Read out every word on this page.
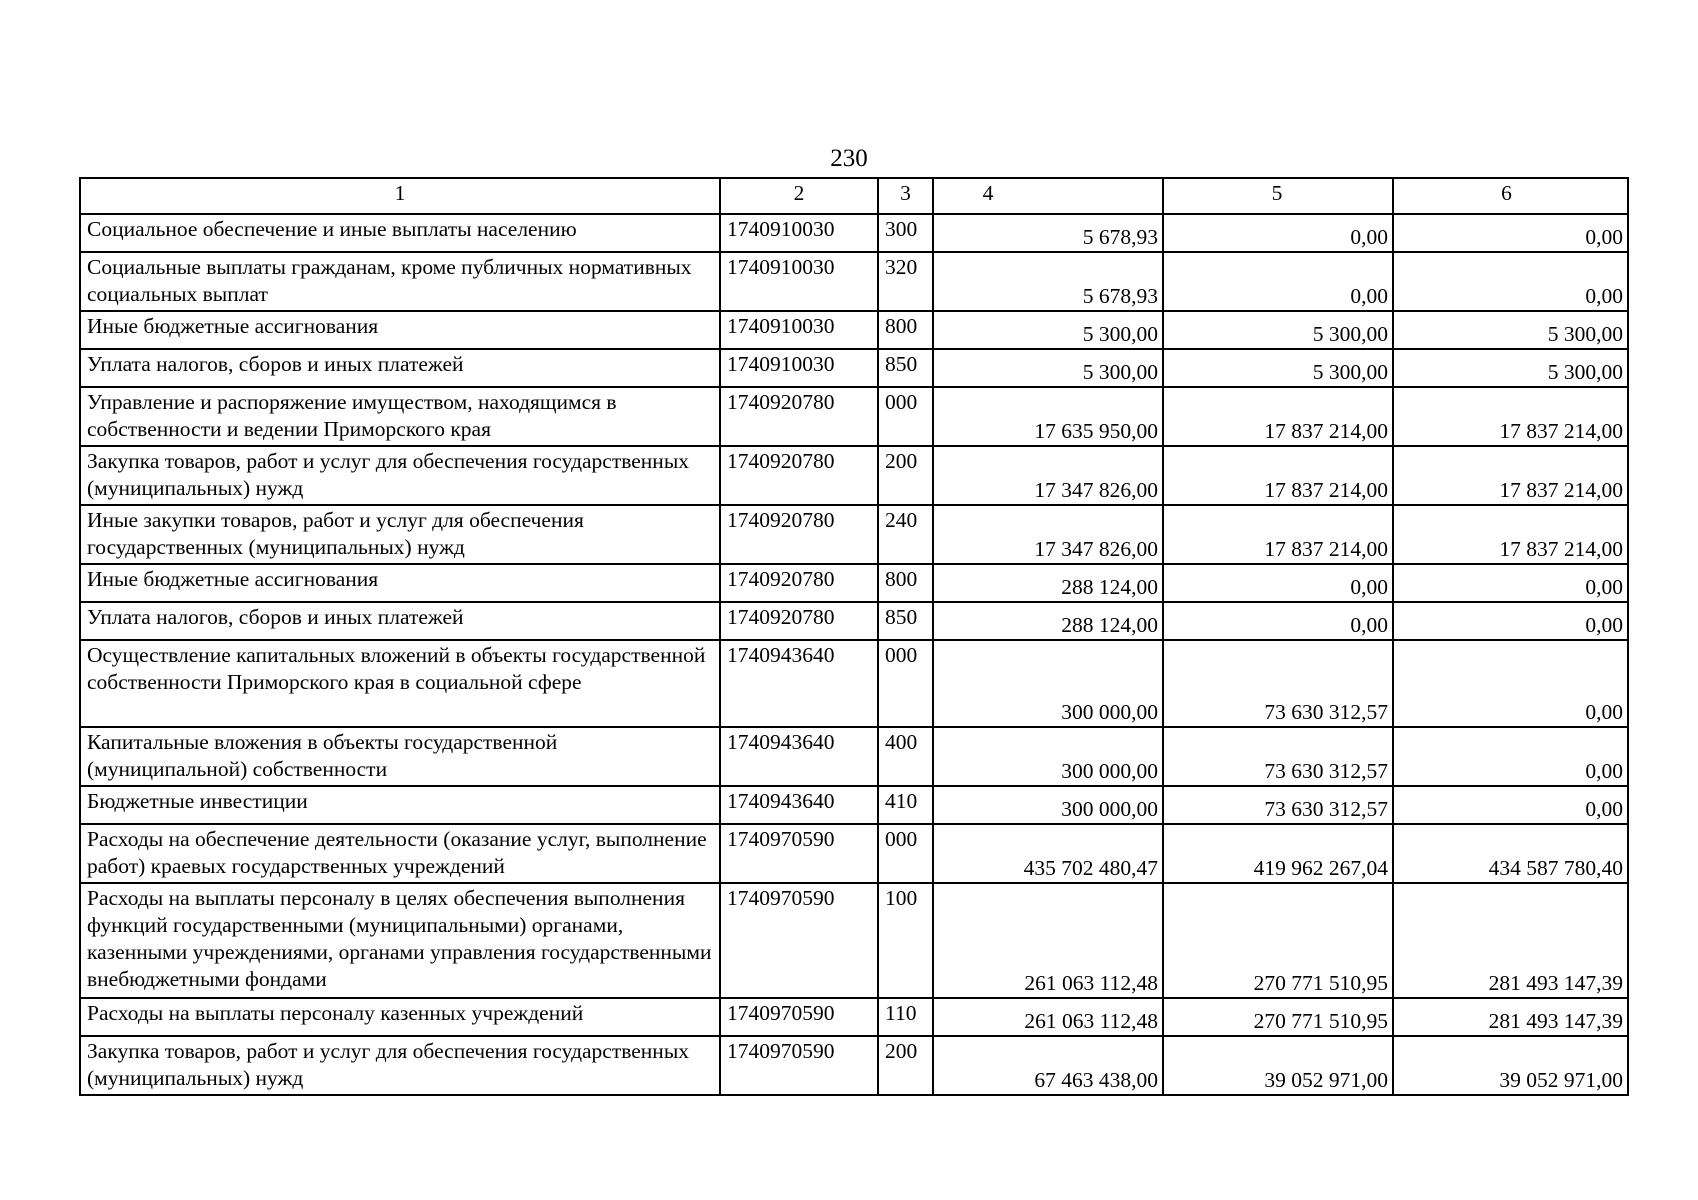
230
1	2	3	4	5	6
Социальное обеспечение и иные выплаты населению	1740910030	300	5 678,93	0,00	0,00
Социальные выплаты гражданам, кроме публичных нормативных социальных выплат	1740910030	320	5 678,93	0,00	0,00
Иные бюджетные ассигнования	1740910030	800	5 300,00	5 300,00	5 300,00
Уплата налогов, сборов и иных платежей	1740910030	850	5 300,00	5 300,00	5 300,00
Управление и распоряжение имуществом, находящимся в собственности и ведении Приморского края	1740920780	000	17 635 950,00	17 837 214,00	17 837 214,00
Закупка товаров, работ и услуг для обеспечения государственных (муниципальных) нужд	1740920780	200	17 347 826,00	17 837 214,00	17 837 214,00
Иные закупки товаров, работ и услуг для обеспечения государственных (муниципальных) нужд	1740920780	240	17 347 826,00	17 837 214,00	17 837 214,00
Иные бюджетные ассигнования	1740920780	800	288 124,00	0,00	0,00
Уплата налогов, сборов и иных платежей	1740920780	850	288 124,00	0,00	0,00
Осуществление капитальных вложений в объекты государственной собственности Приморского края в социальной сфере	1740943640	000	300 000,00	73 630 312,57	0,00
Капитальные вложения в объекты государственной (муниципальной) собственности	1740943640	400	300 000,00	73 630 312,57	0,00
Бюджетные инвестиции	1740943640	410	300 000,00	73 630 312,57	0,00
Расходы на обеспечение деятельности (оказание услуг, выполнение работ) краевых государственных учреждений	1740970590	000	435 702 480,47	419 962 267,04	434 587 780,40
Расходы на выплаты персоналу в целях обеспечения выполнения функций государственными (муниципальными) органами, казенными учреждениями, органами управления государственными внебюджетными фондами	1740970590	100	261 063 112,48	270 771 510,95	281 493 147,39
Расходы на выплаты персоналу казенных учреждений	1740970590	110	261 063 112,48	270 771 510,95	281 493 147,39
Закупка товаров, работ и услуг для обеспечения государственных (муниципальных) нужд	1740970590	200	67 463 438,00	39 052 971,00	39 052 971,00
